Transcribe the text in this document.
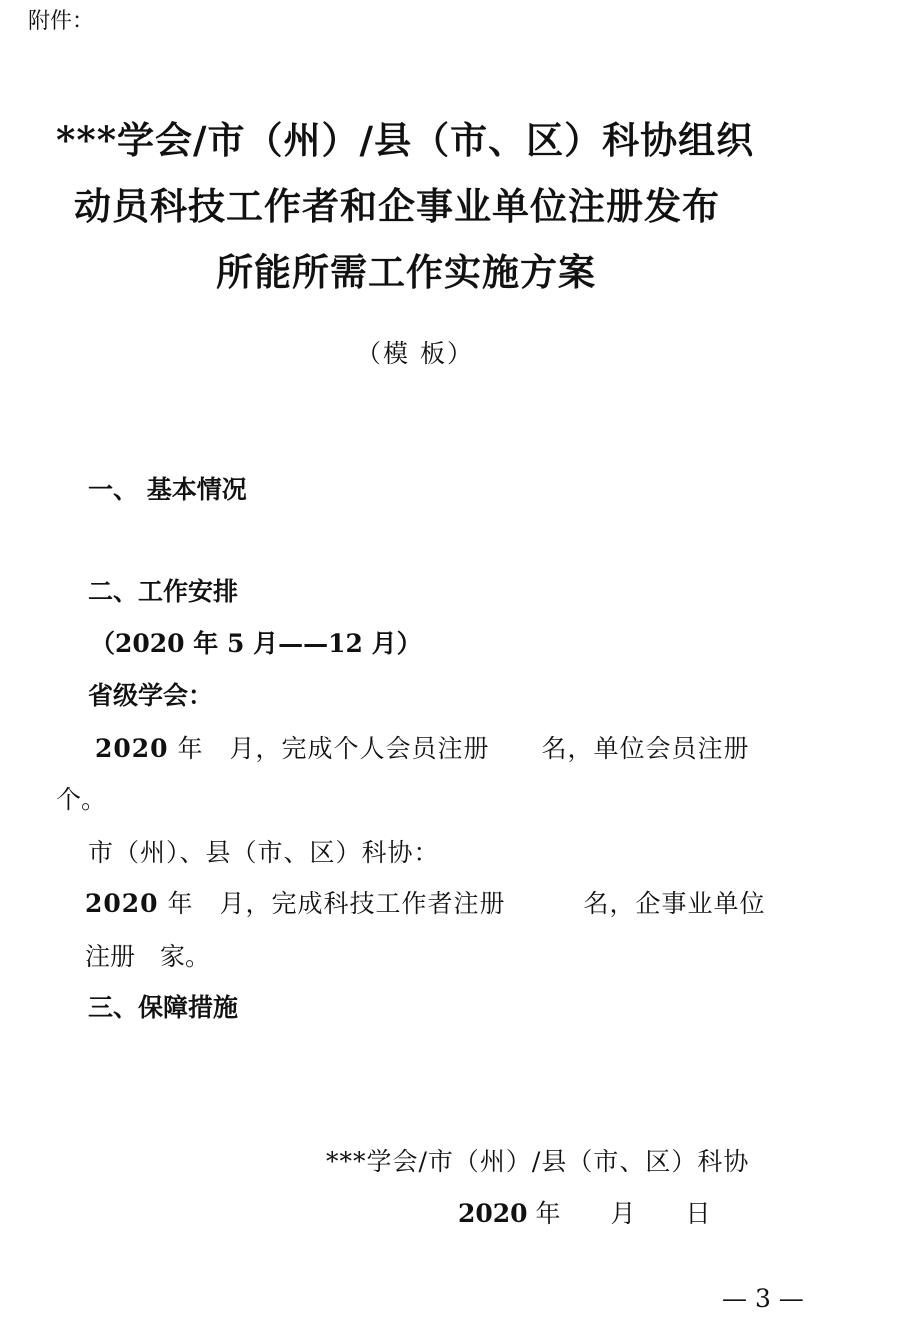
附件：
***学会/市（州）/县（市、区）科协组织
动员科技工作者和企事业单位注册发布
所能所需工作实施方案
（模 板）
一、 基本情况
二、工作安排
（2020 年 5 月——12 月）
省级学会：
2020 年　月，完成个人会员注册　　名，单位会员注册
个。
市（州）、县（市、区）科协：
2020 年　月，完成科技工作者注册　　　名，企事业单位
注册　家。
三、保障措施
***学会/市（州）/县（市、区）科协
2020 年　　月　　日
— 3 —
